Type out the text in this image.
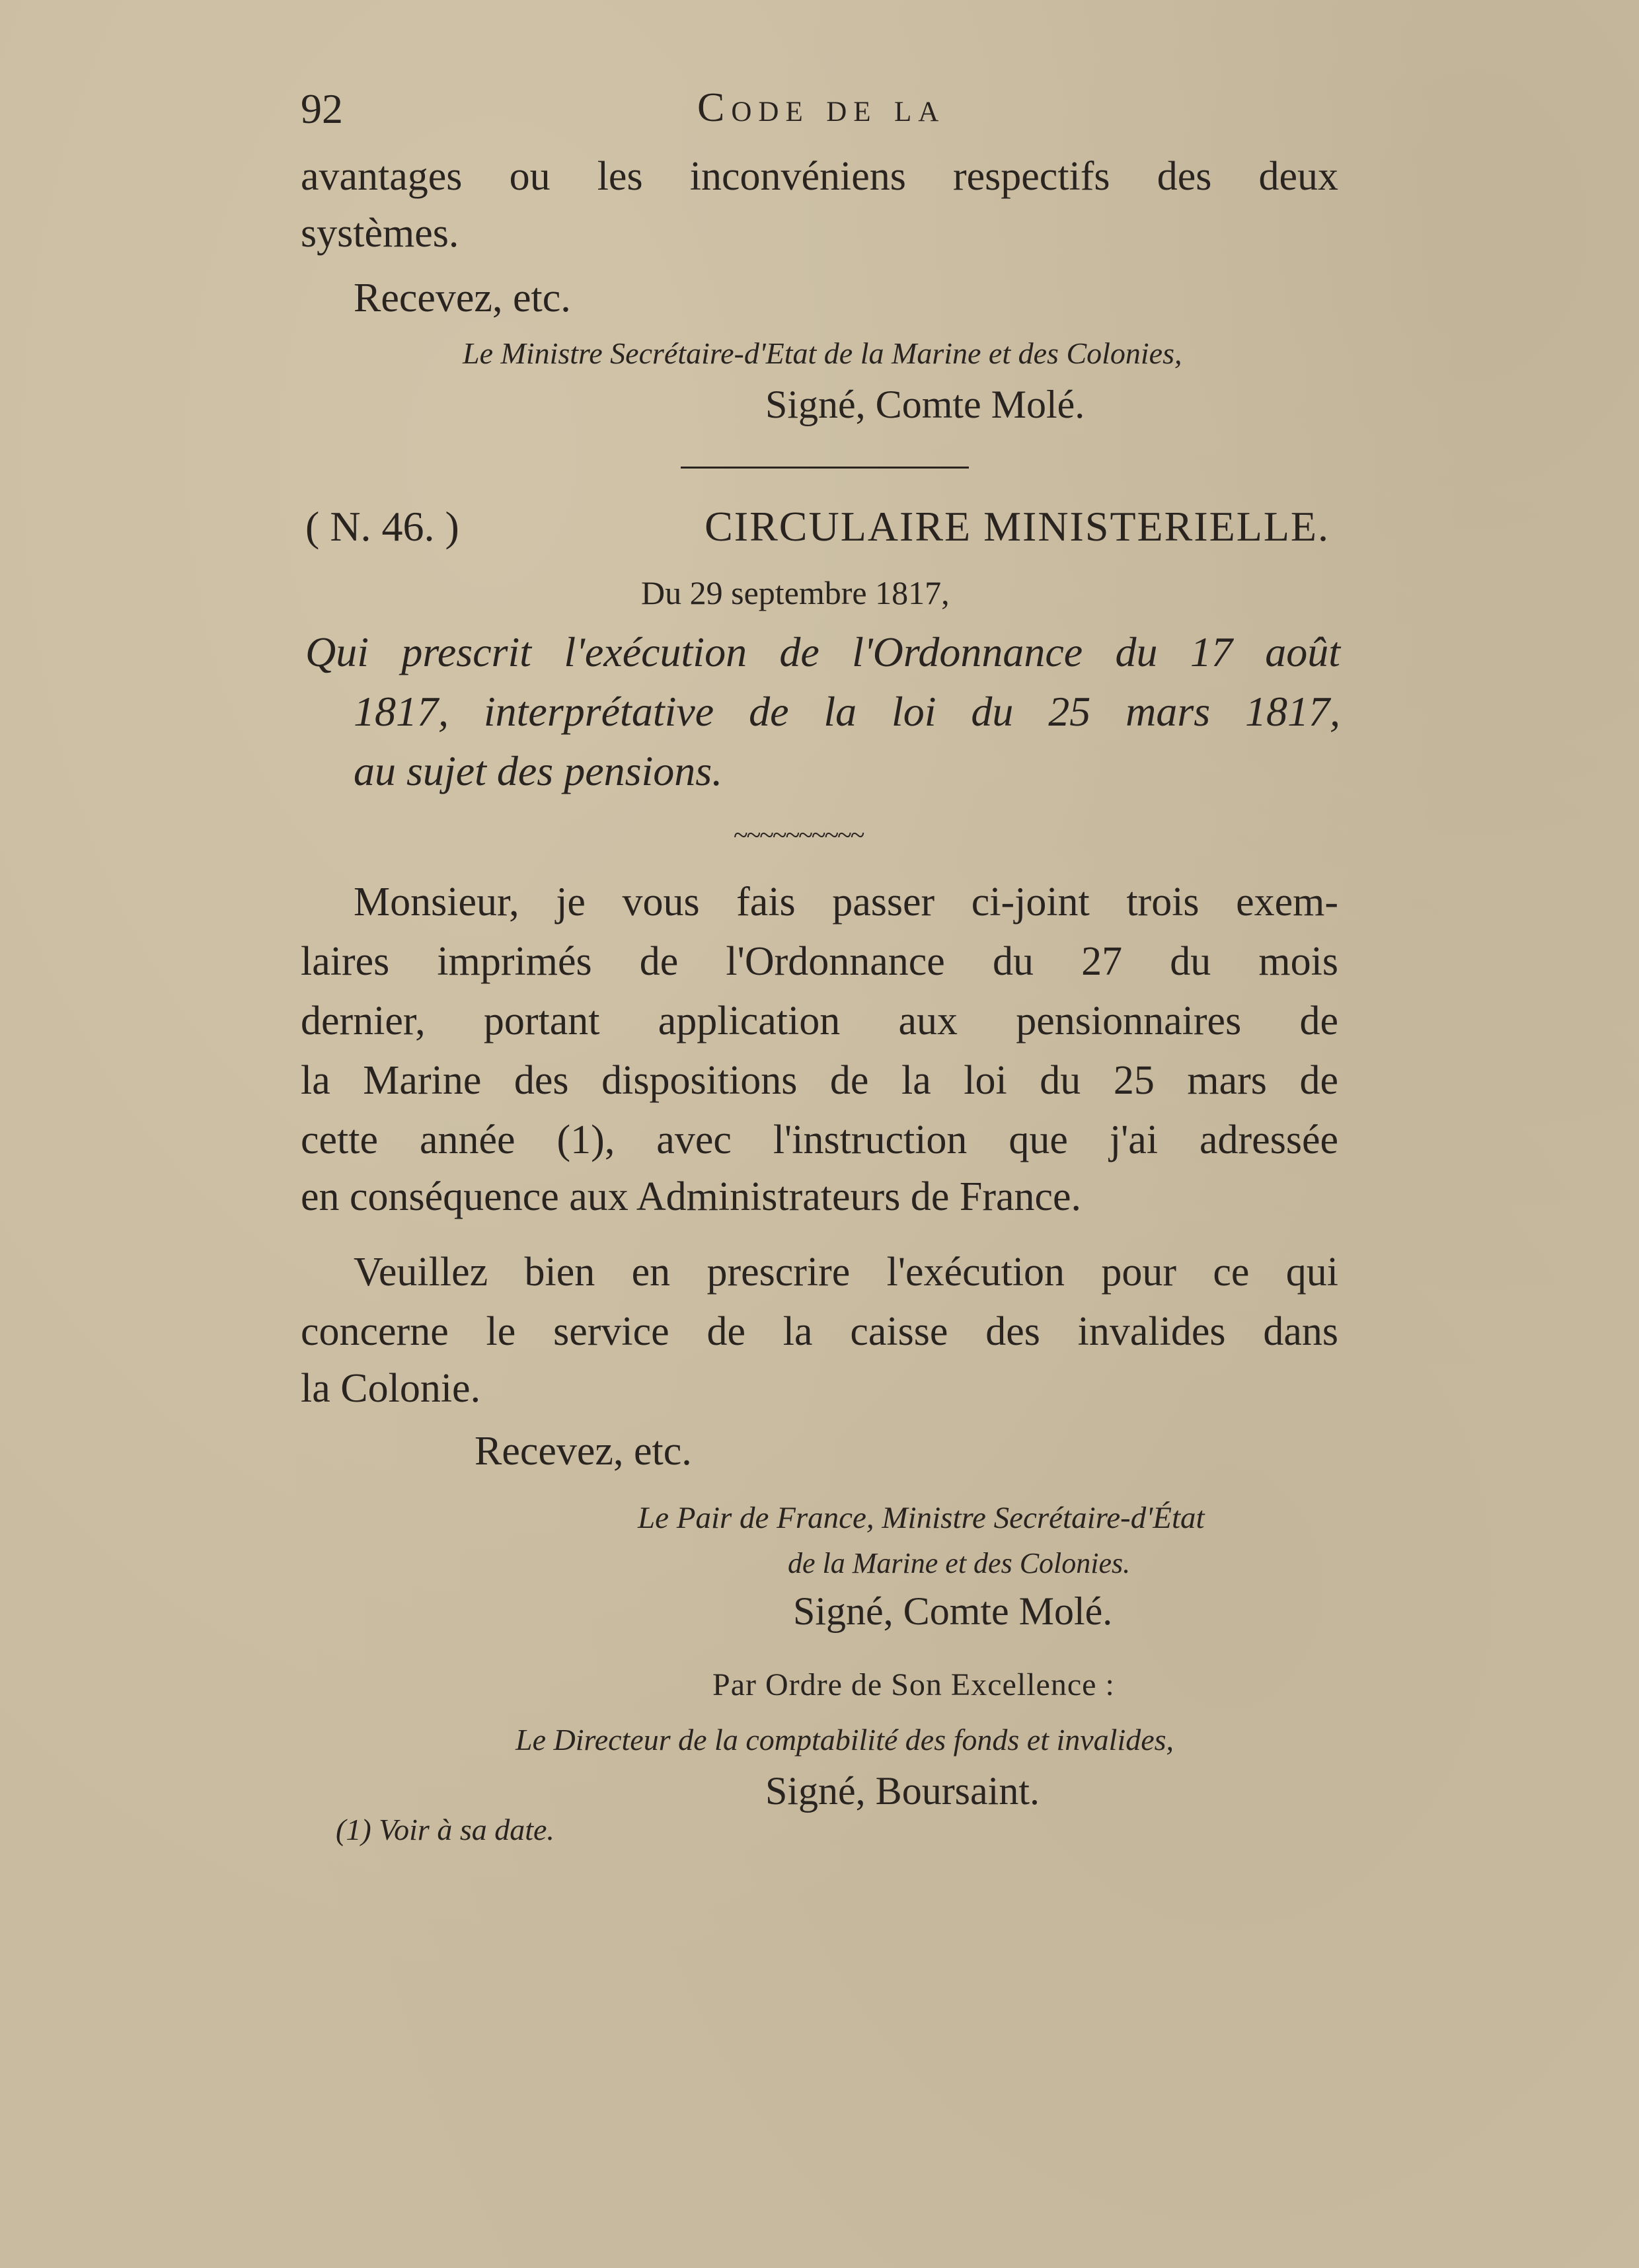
92	Code de la
avantages ou les inconvéniens respectifs des deux
systèmes.
Recevez, etc.
Le Ministre Secrétaire-d'Etat de la Marine et des Colonies,
Signé, Comte Molé.
( N. 46. )	CIRCULAIRE MINISTERIELLE.
Du 29 septembre 1817,
Qui prescrit l'exécution de l'Ordonnance du 17 août
1817, interprétative de la loi du 25 mars 1817,
au sujet des pensions.
~~~~~~~~~~
Monsieur, je vous fais passer ci-joint trois exem-
laires imprimés de l'Ordonnance du 27 du mois
dernier, portant application aux pensionnaires de
la Marine des dispositions de la loi du 25 mars de
cette année (1), avec l'instruction que j'ai adressée
en conséquence aux Administrateurs de France.
Veuillez bien en prescrire l'exécution pour ce qui
concerne le service de la caisse des invalides dans
la Colonie.
Recevez, etc.
Le Pair de France, Ministre Secrétaire-d'État
de la Marine et des Colonies.
Signé, Comte Molé.
Par Ordre de Son Excellence :
Le Directeur de la comptabilité des fonds et invalides,
Signé, Boursaint.
(1) Voir à sa date.
